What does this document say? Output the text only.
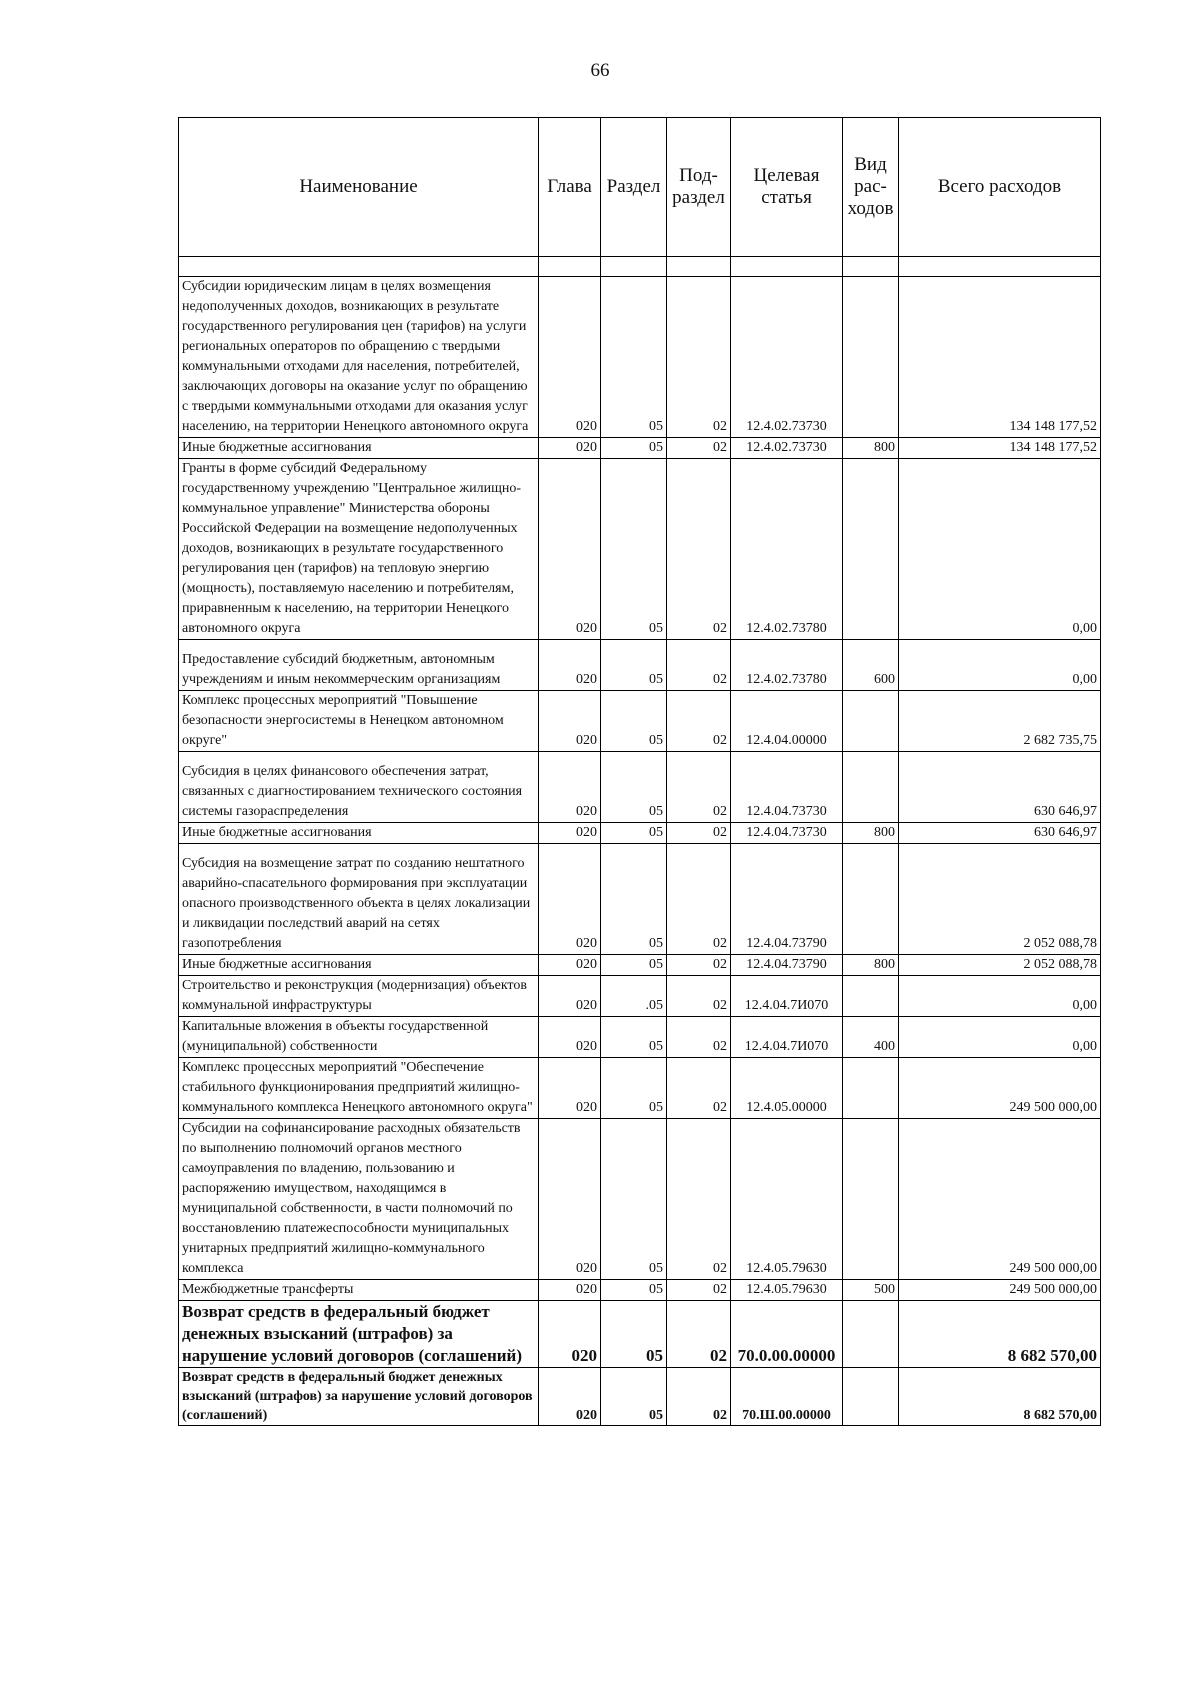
66
Наименование	Глава	Раздел	Под-раздел	Целевая статья	Вид рас-ходов	Всего расходов

Субсидии юридическим лицам в целях возмещения недополученных доходов, возникающих в результате государственного регулирования цен (тарифов) на услуги региональных операторов по обращению с твердыми коммунальными отходами для населения, потребителей, заключающих договоры на оказание услуг по обращению с твердыми коммунальными отходами для оказания услуг населению, на территории Ненецкого автономного округа	020	05	02	12.4.02.73730		134 148 177,52
Иные бюджетные ассигнования	020	05	02	12.4.02.73730	800	134 148 177,52
Гранты в форме субсидий Федеральному государственному учреждению "Центральное жилищно-коммунальное управление" Министерства обороны Российской Федерации на возмещение недополученных доходов, возникающих в результате государственного регулирования цен (тарифов) на тепловую энергию (мощность), поставляемую населению и потребителям, приравненным к населению, на территории Ненецкого автономного округа	020	05	02	12.4.02.73780		0,00
Предоставление субсидий бюджетным, автономным учреждениям и иным некоммерческим организациям	020	05	02	12.4.02.73780	600	0,00
Комплекс процессных мероприятий "Повышение безопасности энергосистемы в Ненецком автономном округе"	020	05	02	12.4.04.00000		2 682 735,75
Субсидия в целях финансового обеспечения затрат, связанных с диагностированием технического состояния системы газораспределения	020	05	02	12.4.04.73730		630 646,97
Иные бюджетные ассигнования	020	05	02	12.4.04.73730	800	630 646,97
Субсидия на возмещение затрат по созданию нештатного аварийно-спасательного формирования при эксплуатации опасного производственного объекта в целях локализации и ликвидации последствий аварий на сетях газопотребления	020	05	02	12.4.04.73790		2 052 088,78
Иные бюджетные ассигнования	020	05	02	12.4.04.73790	800	2 052 088,78
Строительство и реконструкция (модернизация) объектов коммунальной инфраструктуры	020	.05	02	12.4.04.7И070		0,00
Капитальные вложения в объекты государственной (муниципальной) собственности	020	05	02	12.4.04.7И070	400	0,00
Комплекс процессных мероприятий "Обеспечение стабильного функционирования предприятий жилищно-коммунального комплекса Ненецкого автономного округа"	020	05	02	12.4.05.00000		249 500 000,00
Субсидии на софинансирование расходных обязательств по выполнению полномочий органов местного самоуправления по владению, пользованию и распоряжению имуществом, находящимся в муниципальной собственности, в части полномочий по восстановлению платежеспособности муниципальных унитарных предприятий жилищно-коммунального комплекса	020	05	02	12.4.05.79630		249 500 000,00
Межбюджетные трансферты	020	05	02	12.4.05.79630	500	249 500 000,00
Возврат средств в федеральный бюджет денежных взысканий (штрафов) за нарушение условий договоров (соглашений)	020	05	02	70.0.00.00000		8 682 570,00
Возврат средств в федеральный бюджет денежных взысканий (штрафов) за нарушение условий договоров (соглашений)	020	05	02	70.Ш.00.00000		8 682 570,00
